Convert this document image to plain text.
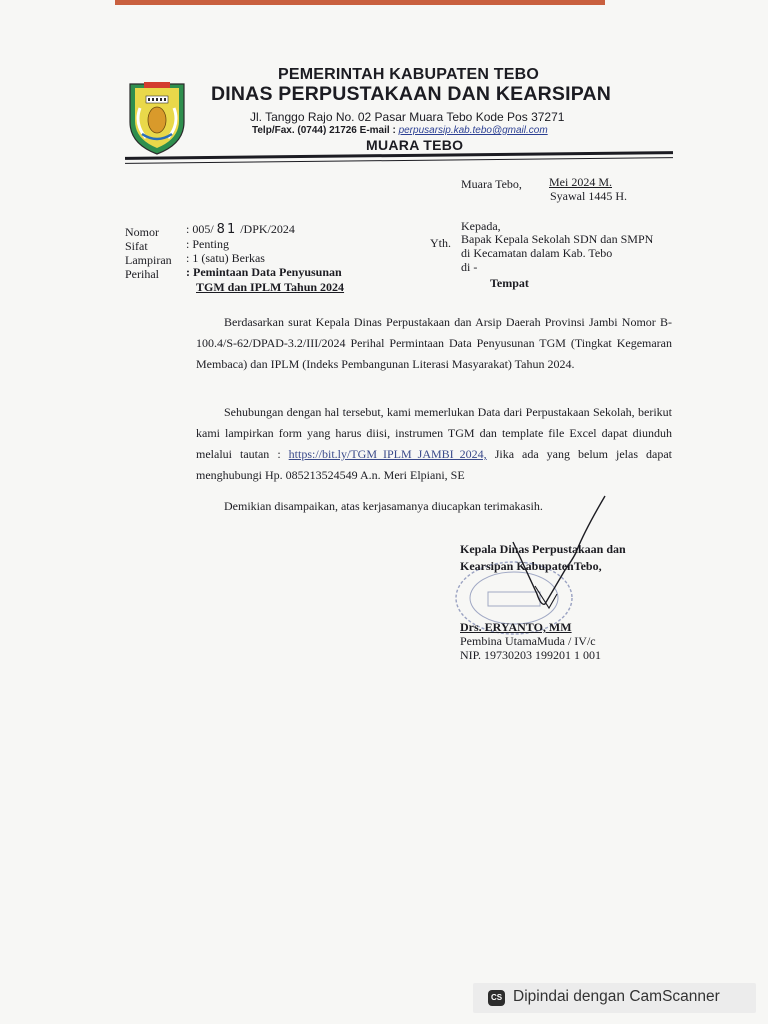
PEMERINTAH KABUPATEN TEBO
DINAS PERPUSTAKAAN DAN KEARSIPAN
Jl. Tanggo Rajo No. 02 Pasar Muara Tebo Kode Pos 37271
Telp/Fax. (0744) 21726 E-mail : perpusarsip.kab.tebo@gmail.com
MUARA TEBO
Muara Tebo, Mei 2024 M.
Syawal 1445 H.
Nomor : 005/ 81 /DPK/2024
Sifat	: Penting
Lampiran : 1 (satu) Berkas
Perihal : Pemintaan Data Penyusunan
TGM dan IPLM Tahun 2024
Kepada,
Yth. Bapak Kepala Sekolah SDN dan SMPN
di Kecamatan dalam Kab. Tebo
di -
Tempat

Berdasarkan surat Kepala Dinas Perpustakaan dan Arsip Daerah Provinsi Jambi Nomor B-100.4/S-62/DPAD-3.2/III/2024 Perihal Permintaan Data Penyusunan TGM (Tingkat Kegemaran Membaca) dan IPLM (Indeks Pembangunan Literasi Masyarakat) Tahun 2024.

Sehubungan dengan hal tersebut, kami memerlukan Data dari Perpustakaan Sekolah, berikut kami lampirkan form yang harus diisi, instrumen TGM dan template file Excel dapat diunduh melalui tautan : https://bit.ly/TGM_IPLM_JAMBI_2024, Jika ada yang belum jelas dapat menghubungi Hp. 085213524549 A.n. Meri Elpiani, SE

Demikian disampaikan, atas kerjasamanya diucapkan terimakasih.
Kepala Dinas Perpustakaan dan
Kearsipan KabupatenTebo,
Drs. ERYANTO, MM
Pembina UtamaMuda / IV/c
NIP. 19730203 199201 1 001
CS Dipindai dengan CamScanner
